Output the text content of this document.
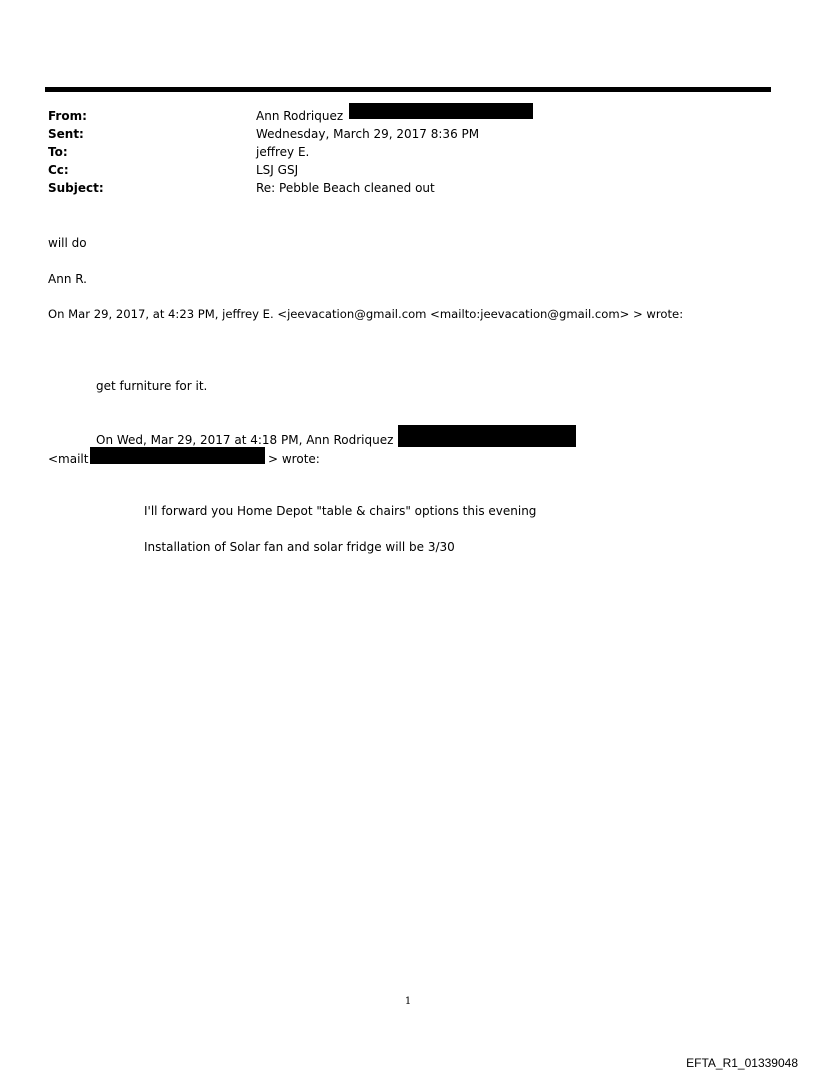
From:	Ann Rodriquez
Sent:	Wednesday, March 29, 2017 8:36 PM
To:	jeffrey E.
Cc:	LSJ GSJ
Subject:	Re: Pebble Beach cleaned out
will do
Ann R.
On Mar 29, 2017, at 4:23 PM, jeffrey E. <jeevacation@gmail.com <mailto:jeevacation@gmail.com> > wrote:
get furniture for it.
On Wed, Mar 29, 2017 at 4:18 PM, Ann Rodriquez
<mailt	> wrote:
I'll forward you Home Depot "table & chairs" options this evening
Installation of Solar fan and solar fridge will be 3/30
1
EFTA_R1_01339048
